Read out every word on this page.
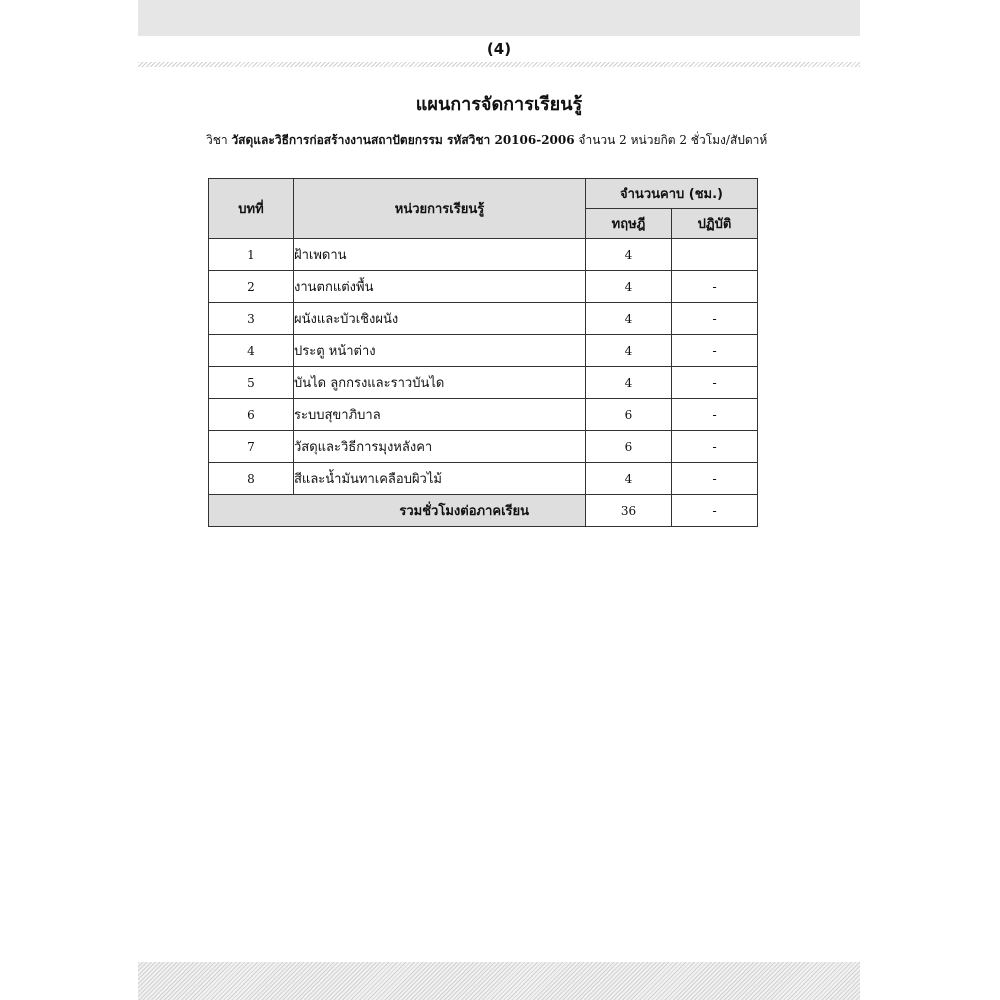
(4)
แผนการจัดการเรียนรู้
วิชา วัสดุและวิธีการก่อสร้างงานสถาปัตยกรรม รหัสวิชา 20106-2006 จำนวน 2 หน่วยกิต 2 ชั่วโมง/สัปดาห์
บทที่	หน่วยการเรียนรู้	จำนวนคาบ (ชม.)	
		ทฤษฎี	ปฏิบัติ
1	ฝ้าเพดาน	4	
2	งานตกแต่งพื้น	4	-
3	ผนังและบัวเชิงผนัง	4	-
4	ประตู หน้าต่าง	4	-
5	บันได ลูกกรงและราวบันได	4	-
6	ระบบสุขาภิบาล	6	-
7	วัสดุและวิธีการมุงหลังคา	6	-
8	สีและน้ำมันทาเคลือบผิวไม้	4	-
รวมชั่วโมงต่อภาคเรียน		36	-
